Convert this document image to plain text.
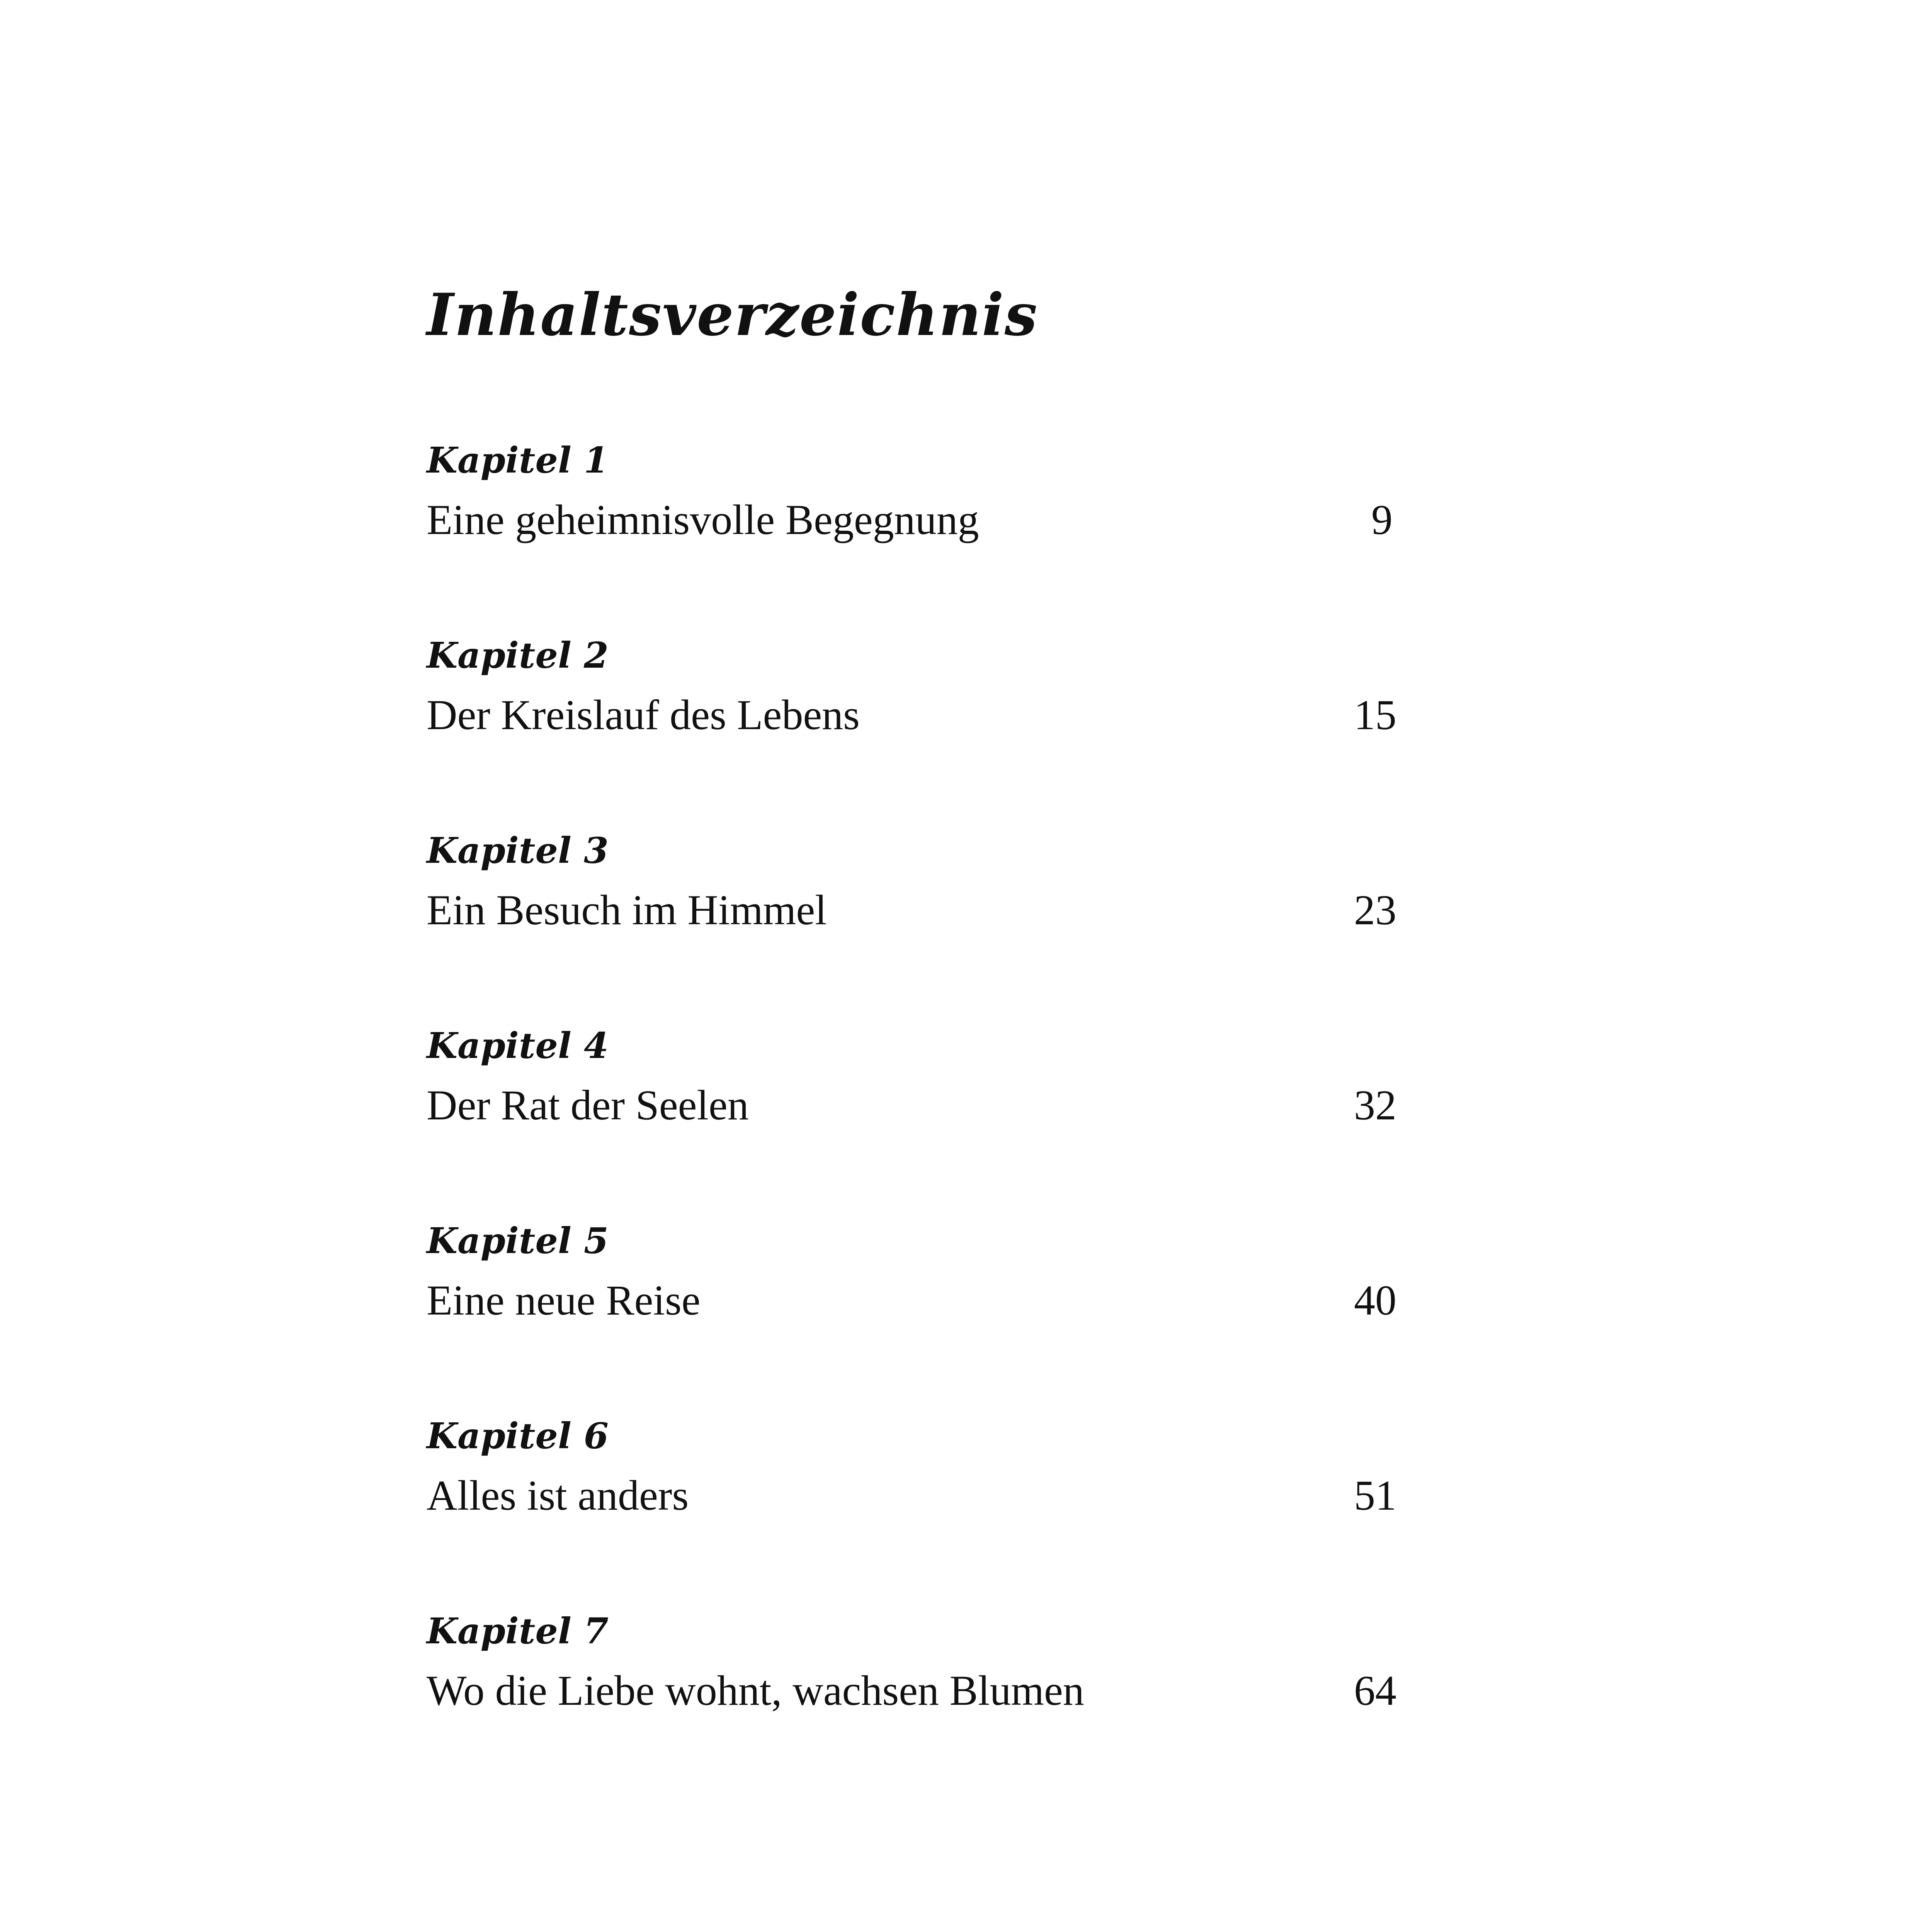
Inhaltsverzeichnis
Kapitel 1
Eine geheimnisvolle Begegnung	9
Kapitel 2
Der Kreislauf des Lebens	15
Kapitel 3
Ein Besuch im Himmel	23
Kapitel 4
Der Rat der Seelen	32
Kapitel 5
Eine neue Reise	40
Kapitel 6
Alles ist anders	51
Kapitel 7
Wo die Liebe wohnt, wachsen Blumen	64
